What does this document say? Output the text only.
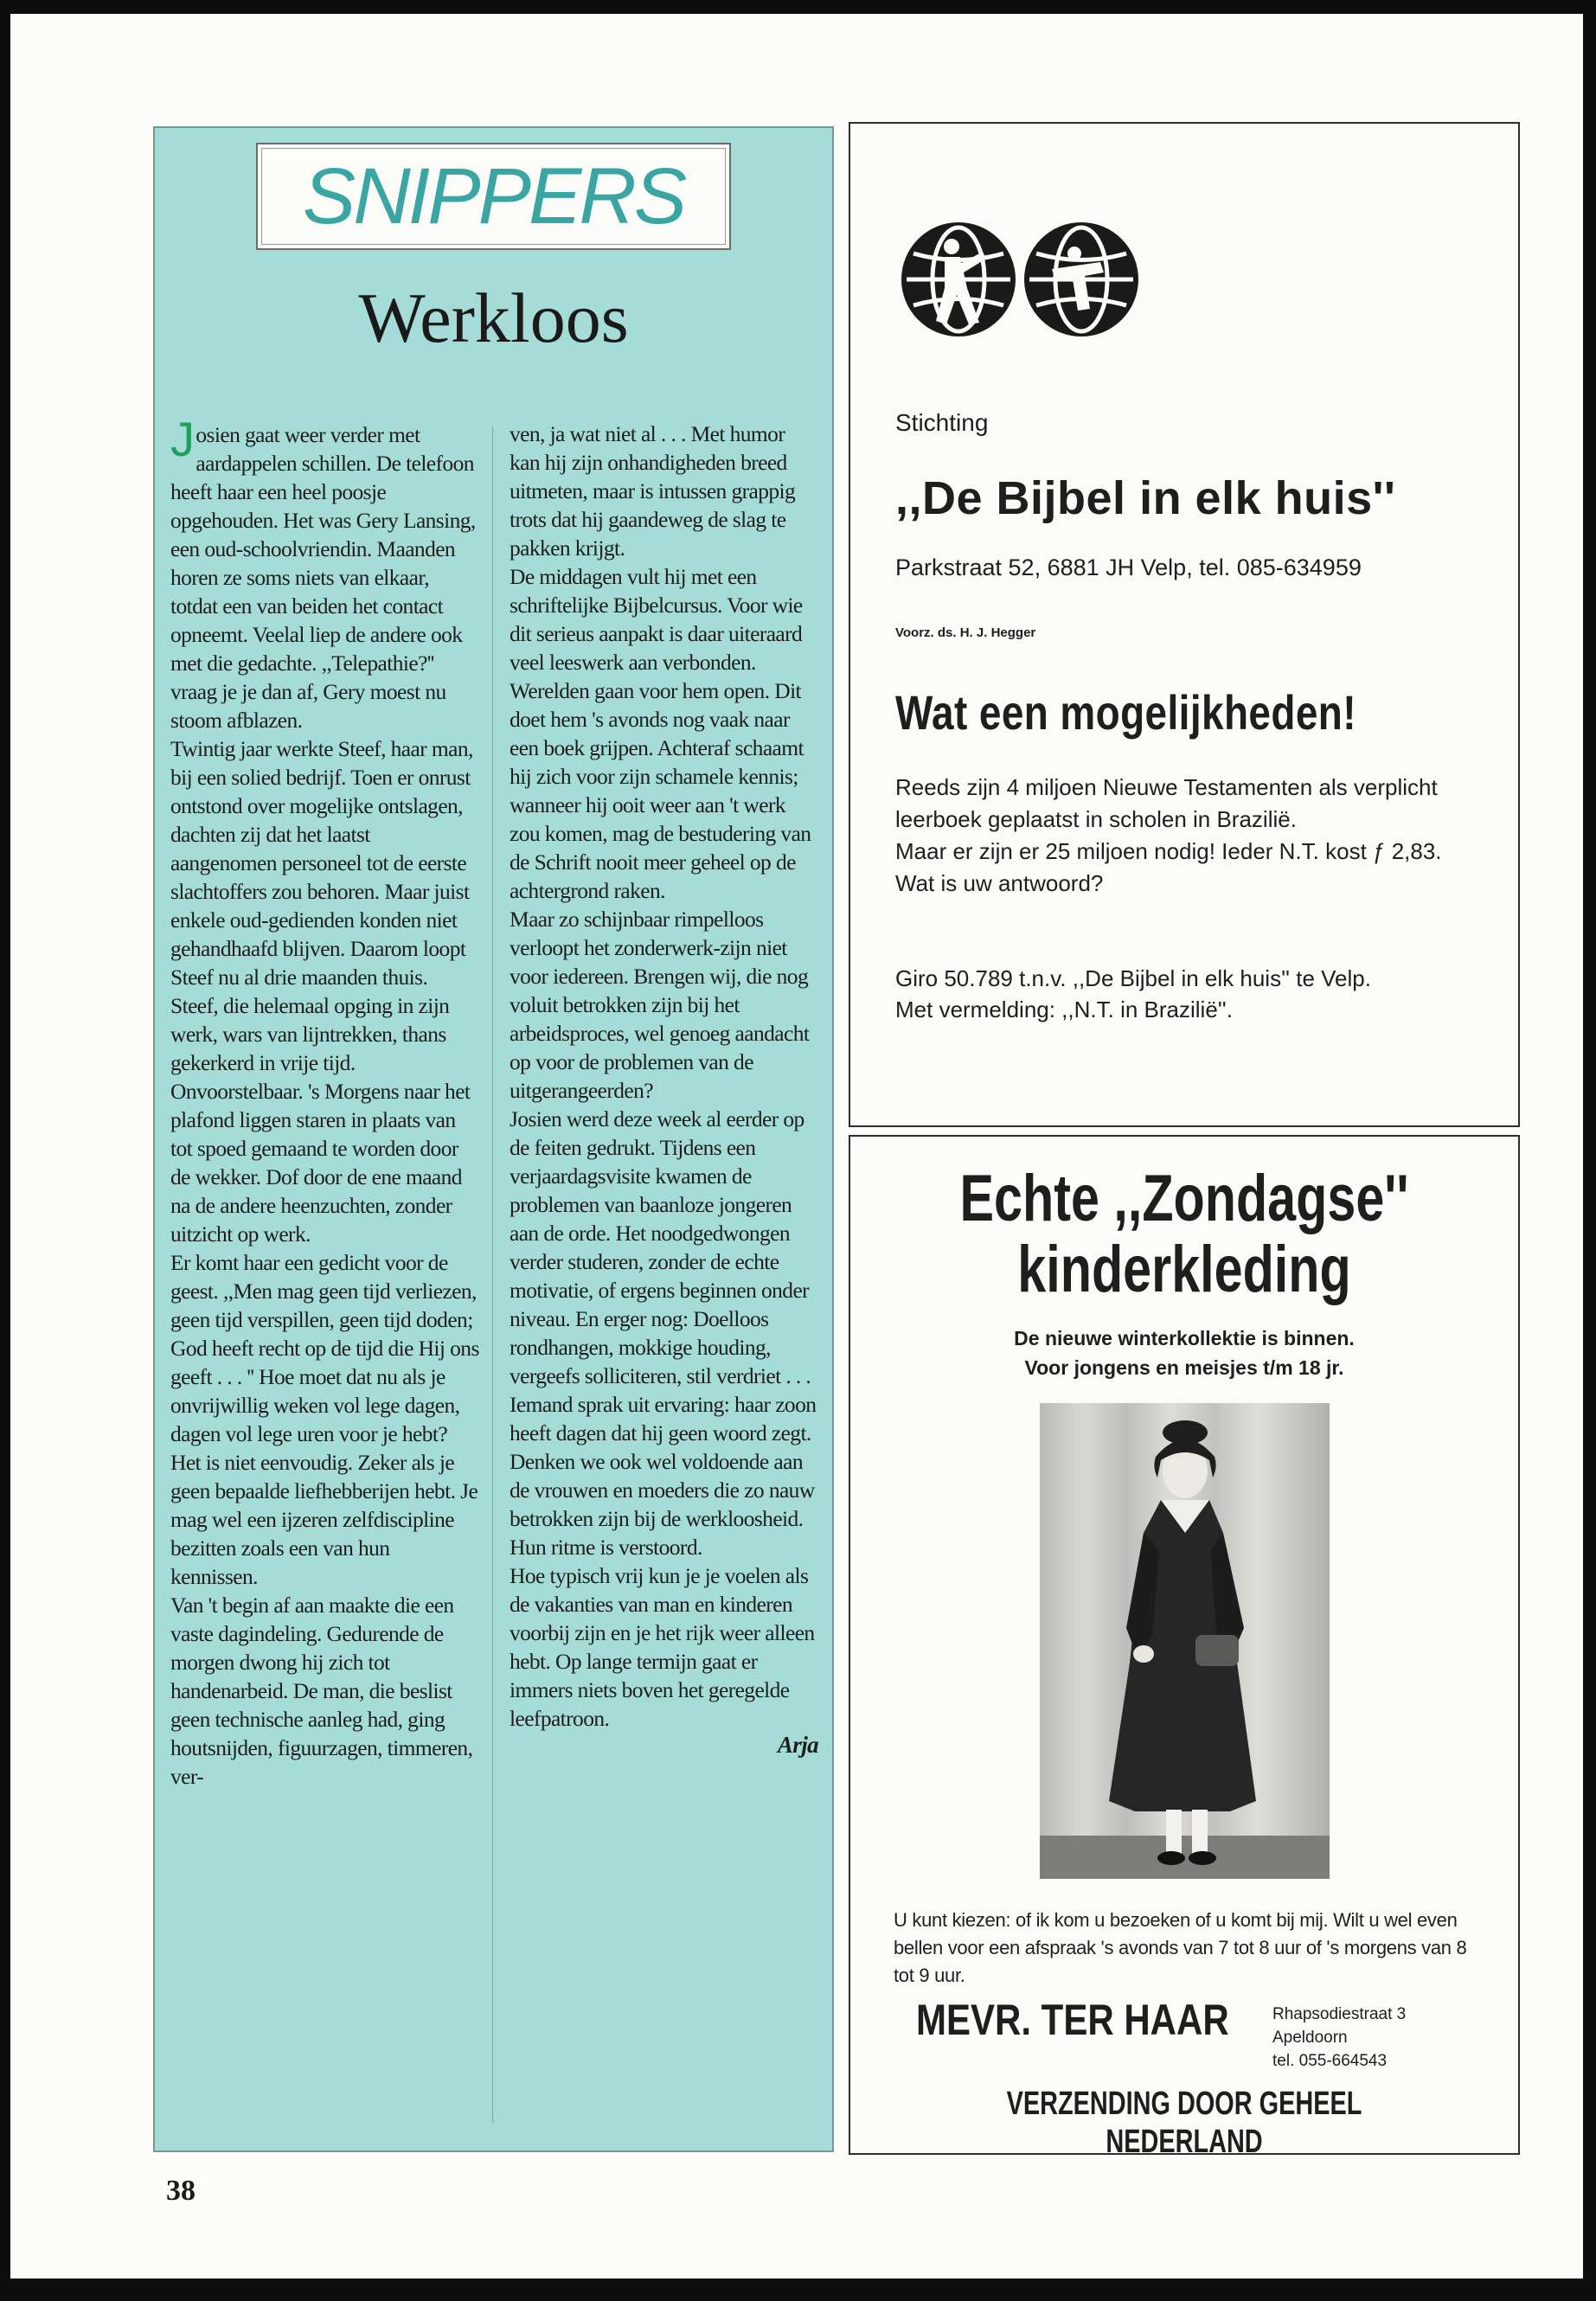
SNIPPERS
Werkloos

Josien gaat weer verder met aardappelen schillen. De telefoon heeft haar een heel poosje opgehouden. Het was Gery Lansing, een oud-schoolvriendin. Maanden horen ze soms niets van elkaar, totdat een van beiden het contact opneemt. Veelal liep de andere ook met die gedachte. ,,Telepathie?'' vraag je je dan af, Gery moest nu stoom afblazen.

Twintig jaar werkte Steef, haar man, bij een solied bedrijf. Toen er onrust ontstond over mogelijke ontslagen, dachten zij dat het laatst aangenomen personeel tot de eerste slachtoffers zou behoren. Maar juist enkele oud-gedienden konden niet gehandhaafd blijven. Daarom loopt Steef nu al drie maanden thuis.

Steef, die helemaal opging in zijn werk, wars van lijntrekken, thans gekerkerd in vrije tijd. Onvoorstelbaar. 's Morgens naar het plafond liggen staren in plaats van tot spoed gemaand te worden door de wekker. Dof door de ene maand na de andere heenzuchten, zonder uitzicht op werk.

Er komt haar een gedicht voor de geest. ,,Men mag geen tijd verliezen, geen tijd verspillen, geen tijd doden; God heeft recht op de tijd die Hij ons geeft . . . '' Hoe moet dat nu als je onvrijwillig weken vol lege dagen, dagen vol lege uren voor je hebt? Het is niet eenvoudig. Zeker als je geen bepaalde liefhebberijen hebt. Je mag wel een ijzeren zelfdiscipline bezitten zoals een van hun kennissen.

Van 't begin af aan maakte die een vaste dagindeling. Gedurende de morgen dwong hij zich tot handenarbeid. De man, die beslist geen technische aanleg had, ging houtsnijden, figuurzagen, timmeren, ver-

ven, ja wat niet al . . . Met humor kan hij zijn onhandigheden breed uitmeten, maar is intussen grappig trots dat hij gaandeweg de slag te pakken krijgt.

De middagen vult hij met een schriftelijke Bijbelcursus. Voor wie dit serieus aanpakt is daar uiteraard veel leeswerk aan verbonden. Werelden gaan voor hem open. Dit doet hem 's avonds nog vaak naar een boek grijpen. Achteraf schaamt hij zich voor zijn schamele kennis; wanneer hij ooit weer aan 't werk zou komen, mag de bestudering van de Schrift nooit meer geheel op de achtergrond raken.

Maar zo schijnbaar rimpelloos verloopt het zonderwerk-zijn niet voor iedereen. Brengen wij, die nog voluit betrokken zijn bij het arbeidsproces, wel genoeg aandacht op voor de problemen van de uitgerangeerden?

Josien werd deze week al eerder op de feiten gedrukt. Tijdens een verjaardagsvisite kwamen de problemen van baanloze jongeren aan de orde. Het noodgedwongen verder studeren, zonder de echte motivatie, of ergens beginnen onder niveau. En erger nog: Doelloos rondhangen, mokkige houding, vergeefs solliciteren, stil verdriet . . . Iemand sprak uit ervaring: haar zoon heeft dagen dat hij geen woord zegt. Denken we ook wel voldoende aan de vrouwen en moeders die zo nauw betrokken zijn bij de werkloosheid. Hun ritme is verstoord.

Hoe typisch vrij kun je je voelen als de vakanties van man en kinderen voorbij zijn en je het rijk weer alleen hebt. Op lange termijn gaat er immers niets boven het geregelde leefpatroon.

Arja
38
Stichting
,,De Bijbel in elk huis''
Parkstraat 52, 6881 JH Velp, tel. 085-634959
Voorz. ds. H. J. Hegger
Wat een mogelijkheden!

Reeds zijn 4 miljoen Nieuwe Testamenten als verplicht leerboek geplaatst in scholen in Brazilië.

Maar er zijn er 25 miljoen nodig! Ieder N.T. kost ƒ 2,83.

Wat is uw antwoord?

Giro 50.789 t.n.v. ,,De Bijbel in elk huis'' te Velp.

Met vermelding: ,,N.T. in Brazilië''.

Echte ,,Zondagse''
kinderkleding
De nieuwe winterkollektie is binnen.
Voor jongens en meisjes t/m 18 jr.

U kunt kiezen: of ik kom u bezoeken of u komt bij mij. Wilt u wel even bellen voor een afspraak 's avonds van 7 tot 8 uur of 's morgens van 8 tot 9 uur.

MEVR. TER HAAR	Rhapsodiestraat 3
Apeldoorn
tel. 055-664543
VERZENDING DOOR GEHEEL NEDERLAND
